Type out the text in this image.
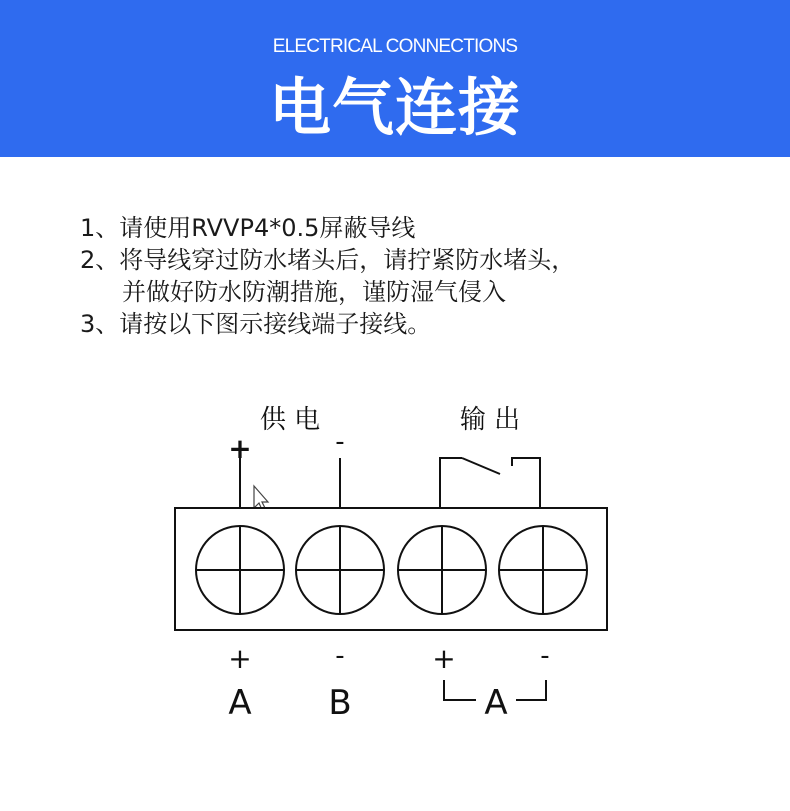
ELECTRICAL CONNECTIONS
电气连接
1、请使用RVVP4*0.5屏蔽导线
2、将导线穿过防水堵头后，请拧紧防水堵头，
并做好防水防潮措施，谨防湿气侵入
3、请按以下图示接线端子接线。
供 电	输 出
+	-
+	-	+	-
A B	A
